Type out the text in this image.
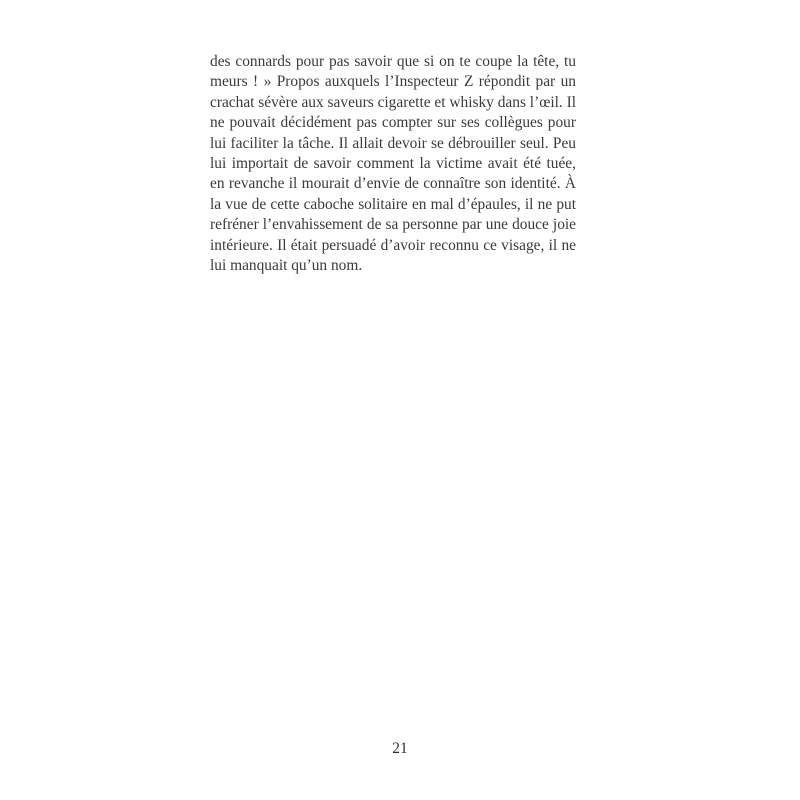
des connards pour pas savoir que si on te coupe la tête, tu
meurs ! » Propos auxquels l’Inspecteur Z répondit par un
crachat sévère aux saveurs cigarette et whisky dans l’œil. Il
ne pouvait décidément pas compter sur ses collègues pour
lui faciliter la tâche. Il allait devoir se débrouiller seul. Peu
lui importait de savoir comment la victime avait été tuée,
en revanche il mourait d’envie de connaître son identité. À
la vue de cette caboche solitaire en mal d’épaules, il ne put
refréner l’envahissement de sa personne par une douce joie
intérieure. Il était persuadé d’avoir reconnu ce visage, il ne
lui manquait qu’un nom.
21
